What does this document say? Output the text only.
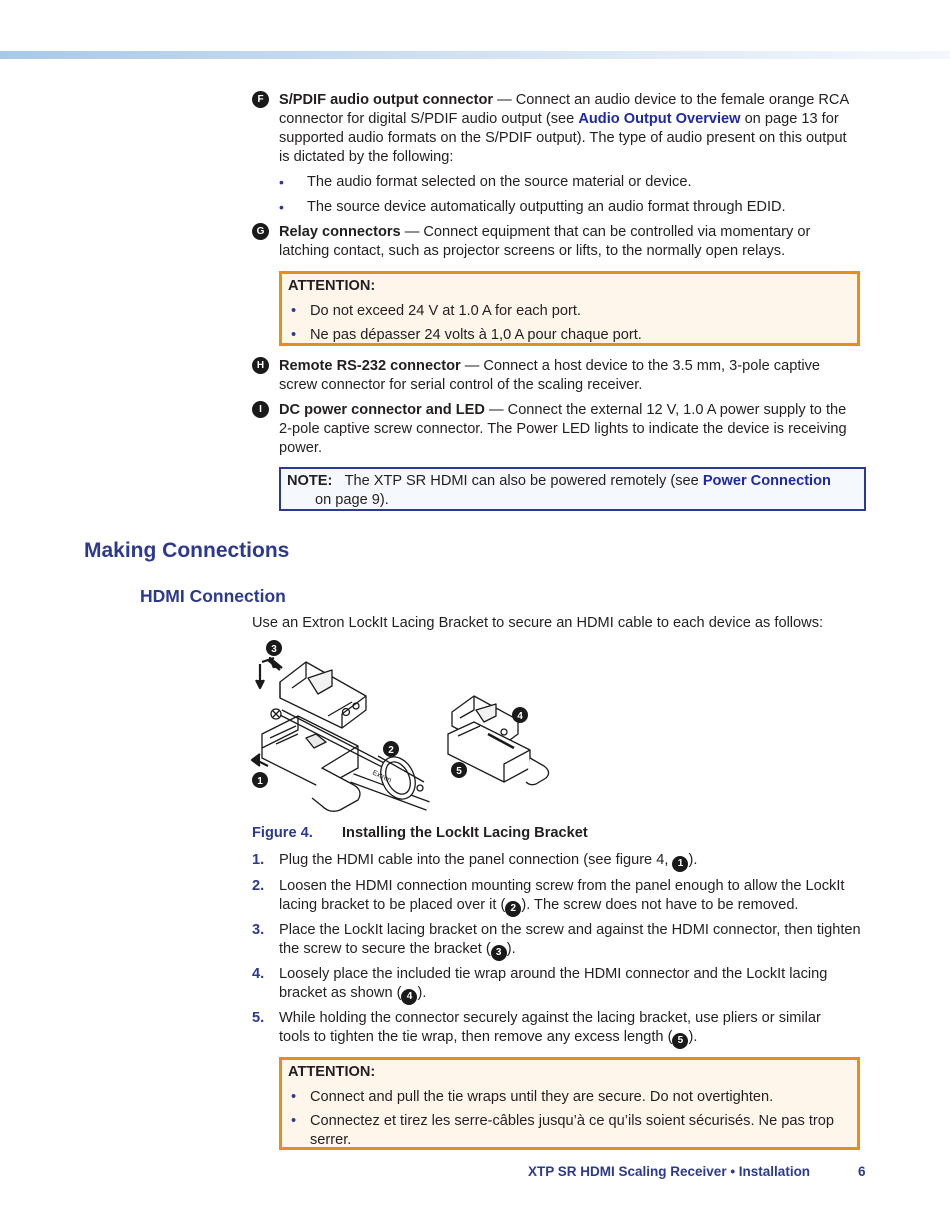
F	S/PDIF audio output connector — Connect an audio device to the female orange RCA connector for digital S/PDIF audio output (see Audio Output Overview on page 13 for supported audio formats on the S/PDIF output). The type of audio present on this output is dictated by the following:
• The audio format selected on the source material or device.
• The source device automatically outputting an audio format through EDID.
G	Relay connectors — Connect equipment that can be controlled via momentary or latching contact, such as projector screens or lifts, to the normally open relays.
ATTENTION:
• Do not exceed 24 V at 1.0 A for each port.
• Ne pas dépasser 24 volts à 1,0 A pour chaque port.
H	Remote RS-232 connector — Connect a host device to the 3.5 mm, 3-pole captive screw connector for serial control of the scaling receiver.
I	DC power connector and LED — Connect the external 12 V, 1.0 A power supply to the 2-pole captive screw connector. The Power LED lights to indicate the device is receiving power.
NOTE: The XTP SR HDMI can also be powered remotely (see Power Connection
on page 9).
Making Connections
HDMI Connection
Use an Extron LockIt Lacing Bracket to secure an HDMI cable to each device as follows:
Extron
3
1
2
4
5
Figure 4. Installing the LockIt Lacing Bracket
1. Plug the HDMI cable into the panel connection (see figure 4, 1 ).
2. Loosen the HDMI connection mounting screw from the panel enough to allow the LockIt lacing bracket to be placed over it ( 2 ). The screw does not have to be removed.
3. Place the LockIt lacing bracket on the screw and against the HDMI connector, then tighten the screw to secure the bracket ( 3 ).
4. Loosely place the included tie wrap around the HDMI connector and the LockIt lacing bracket as shown ( 4 ).
5. While holding the connector securely against the lacing bracket, use pliers or similar tools to tighten the tie wrap, then remove any excess length ( 5 ).
ATTENTION:
• Connect and pull the tie wraps until they are secure. Do not overtighten.
• Connectez et tirez les serre-câbles jusqu’à ce qu’ils soient sécurisés. Ne pas trop serrer.
XTP SR HDMI Scaling Receiver • Installation	6
